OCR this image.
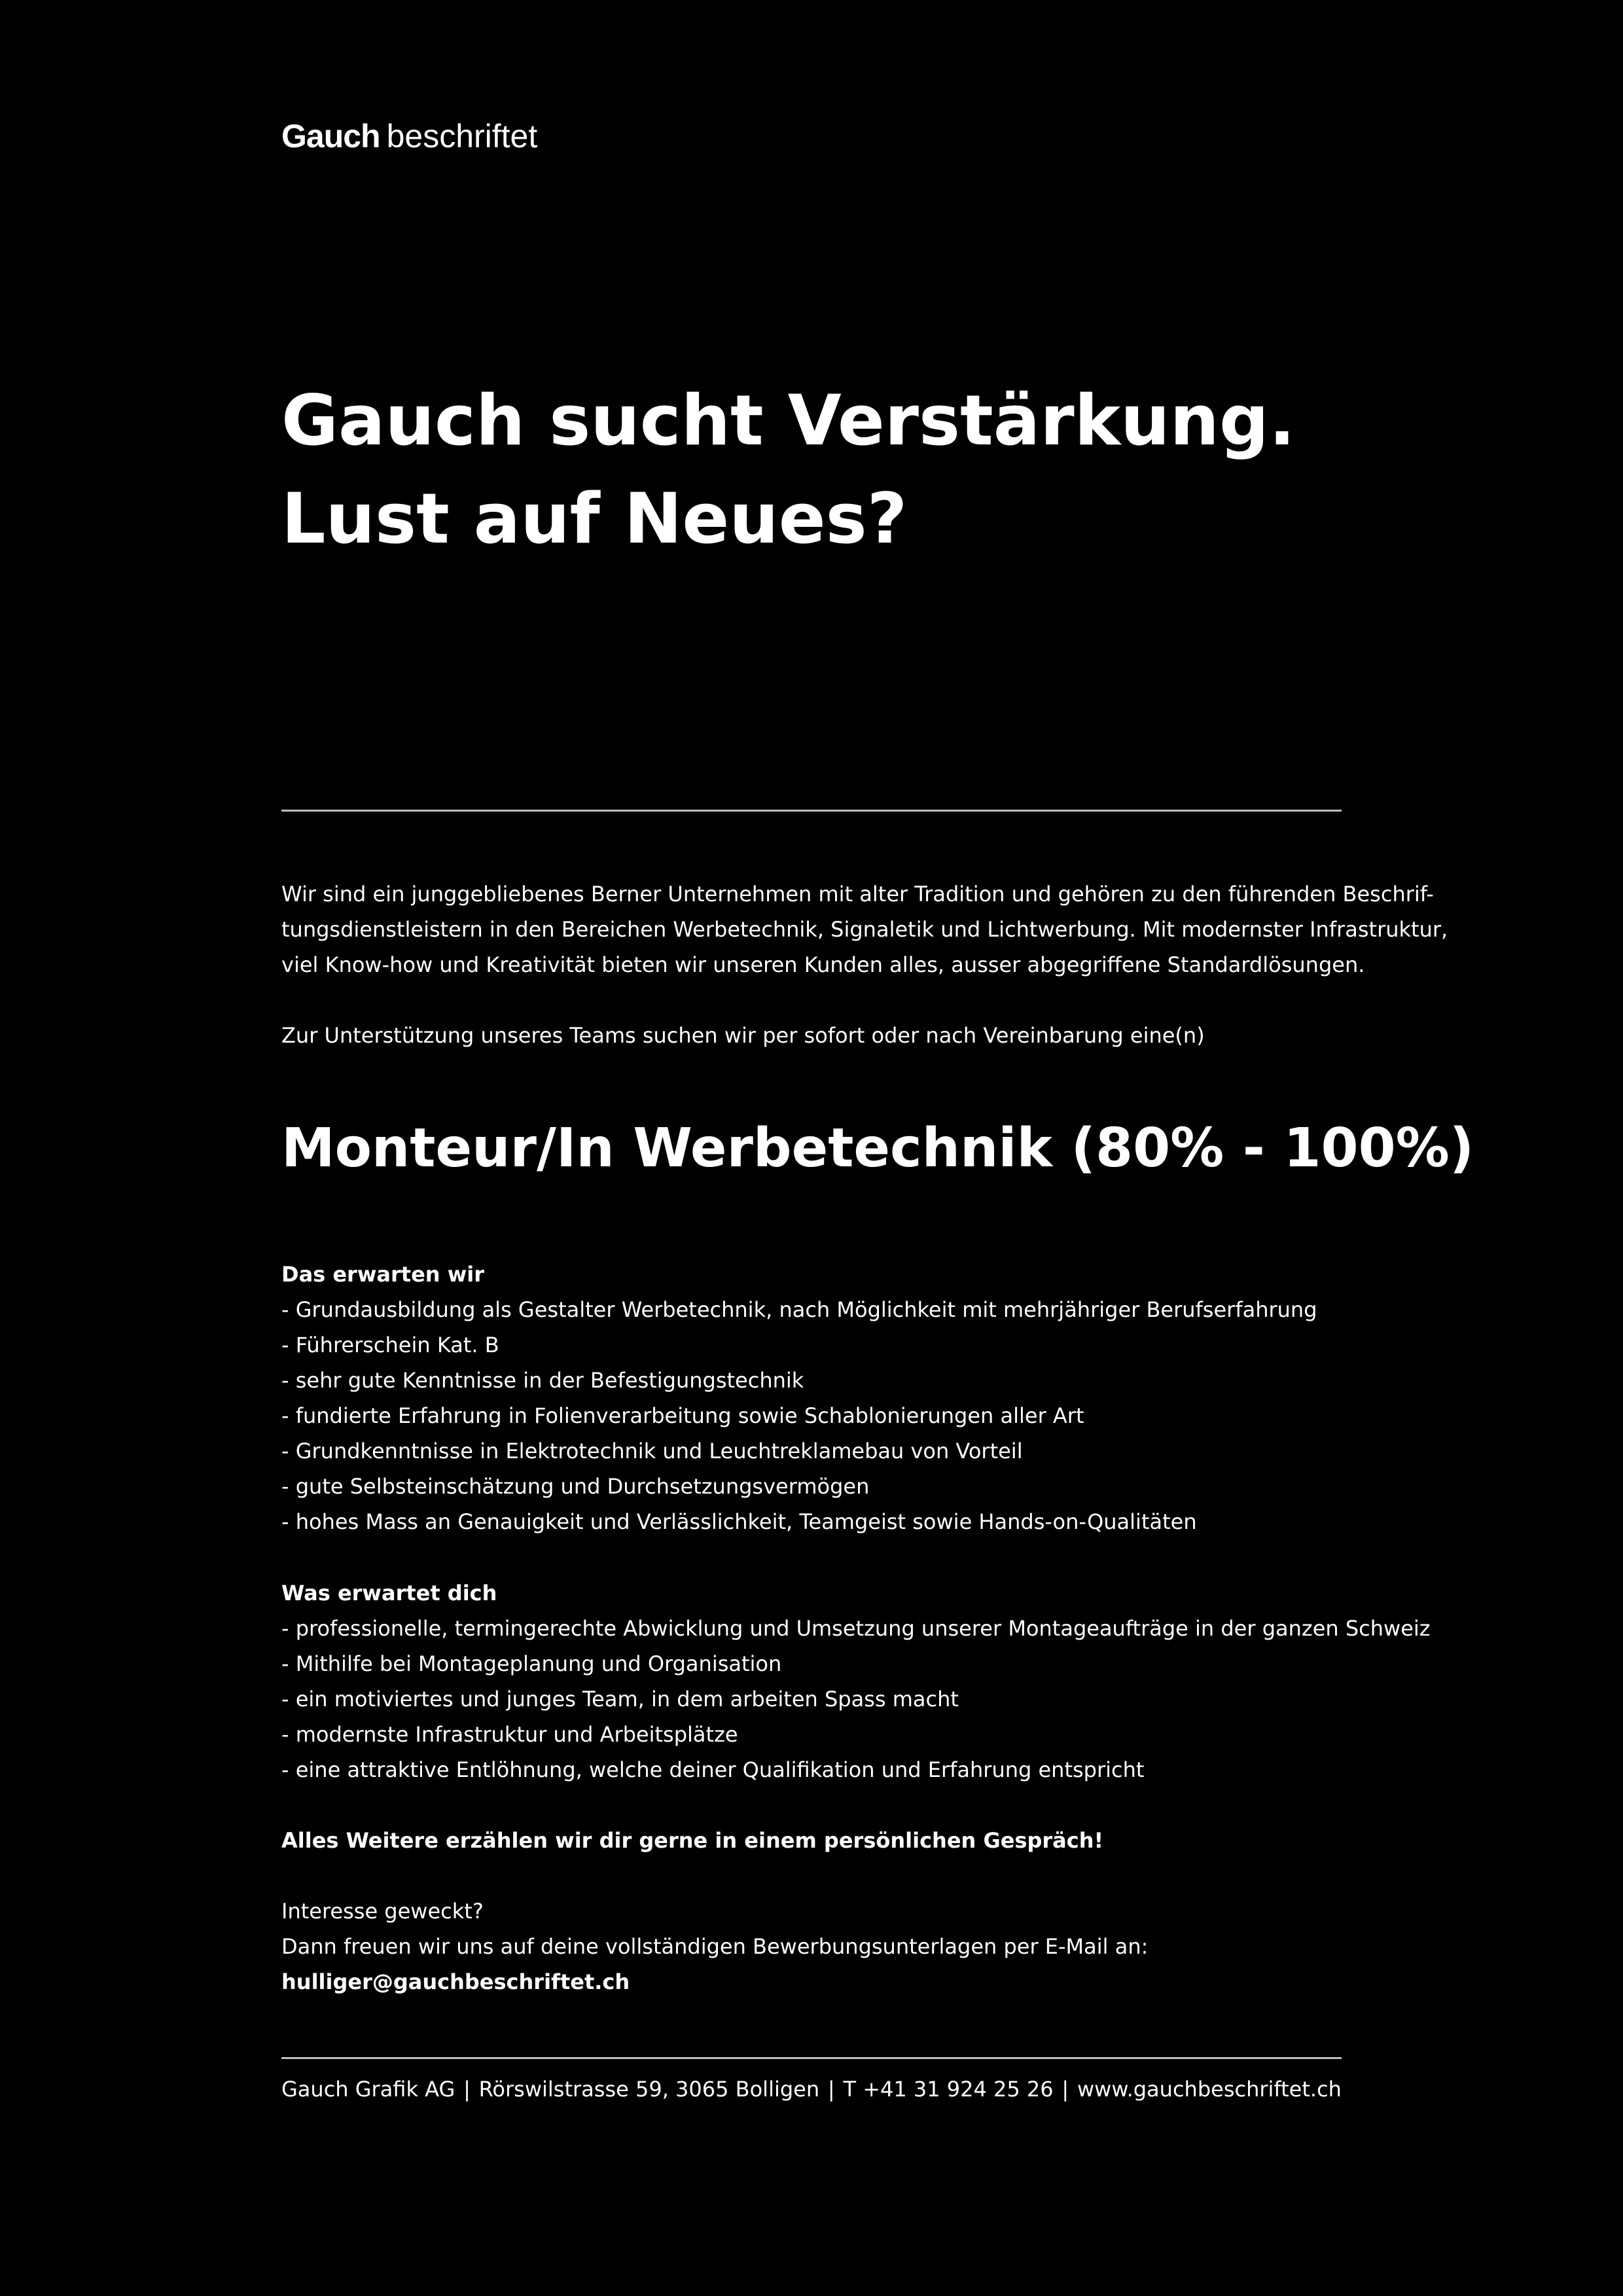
Gauch beschriftet
Gauch sucht Verstärkung.
Lust auf Neues?
Wir sind ein junggebliebenes Berner Unternehmen mit alter Tradition und gehören zu den führenden Beschrif-
tungsdienstleistern in den Bereichen Werbetechnik, Signaletik und Lichtwerbung. Mit modernster Infrastruktur,
viel Know-how und Kreativität bieten wir unseren Kunden alles, ausser abgegriffene Standardlösungen.
Zur Unterstützung unseres Teams suchen wir per sofort oder nach Vereinbarung eine(n)
Monteur/In Werbetechnik (80% - 100%)
Das erwarten wir
- Grundausbildung als Gestalter Werbetechnik, nach Möglichkeit mit mehrjähriger Berufserfahrung
- Führerschein Kat. B
- sehr gute Kenntnisse in der Befestigungstechnik
- fundierte Erfahrung in Folienverarbeitung sowie Schablonierungen aller Art
- Grundkenntnisse in Elektrotechnik und Leuchtreklamebau von Vorteil
- gute Selbsteinschätzung und Durchsetzungsvermögen
- hohes Mass an Genauigkeit und Verlässlichkeit, Teamgeist sowie Hands-on-Qualitäten
Was erwartet dich
- professionelle, termingerechte Abwicklung und Umsetzung unserer Montageaufträge in der ganzen Schweiz
- Mithilfe bei Montageplanung und Organisation
- ein motiviertes und junges Team, in dem arbeiten Spass macht
- modernste Infrastruktur und Arbeitsplätze
- eine attraktive Entlöhnung, welche deiner Qualifikation und Erfahrung entspricht
Alles Weitere erzählen wir dir gerne in einem persönlichen Gespräch!
Interesse geweckt?
Dann freuen wir uns auf deine vollständigen Bewerbungsunterlagen per E-Mail an:
hulliger@gauchbeschriftet.ch
Gauch Grafik AG | Rörswilstrasse 59, 3065 Bolligen | T +41 31 924 25 26 | www.gauchbeschriftet.ch
